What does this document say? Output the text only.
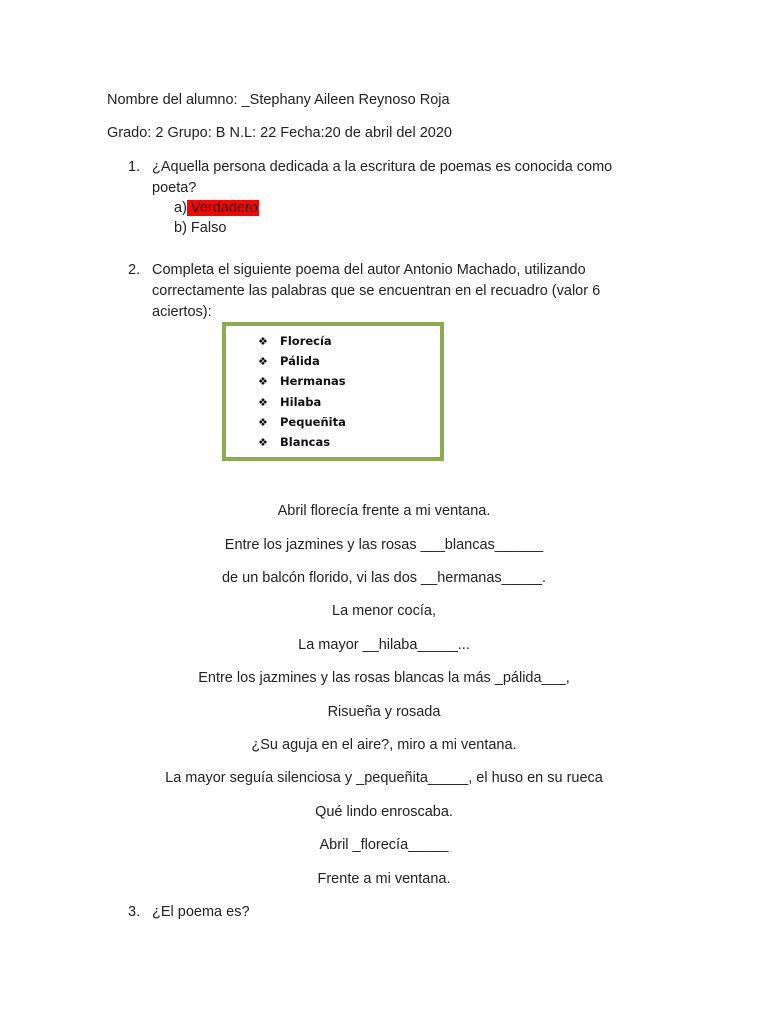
Nombre del alumno: _Stephany Aileen Reynoso Roja
Grado: 2 Grupo: B N.L: 22 Fecha:20 de abril del 2020
1. ¿Aquella persona dedicada a la escritura de poemas es conocida como
poeta?
a) Verdadero
b) Falso
2. Completa el siguiente poema del autor Antonio Machado, utilizando
correctamente las palabras que se encuentran en el recuadro (valor 6
aciertos):
❖ Florecía
❖ Pálida
❖ Hermanas
❖ Hilaba
❖ Pequeñita
❖ Blancas
Abril florecía frente a mi ventana.
Entre los jazmines y las rosas ___blancas______
de un balcón florido, vi las dos __hermanas_____.
La menor cocía,
La mayor __hilaba_____...
Entre los jazmines y las rosas blancas la más _pálida___,
Risueña y rosada
¿Su aguja en el aire?, miro a mi ventana.
La mayor seguía silenciosa y _pequeñita_____, el huso en su rueca
Qué lindo enroscaba.
Abril _florecía_____
Frente a mi ventana.
3. ¿El poema es?
